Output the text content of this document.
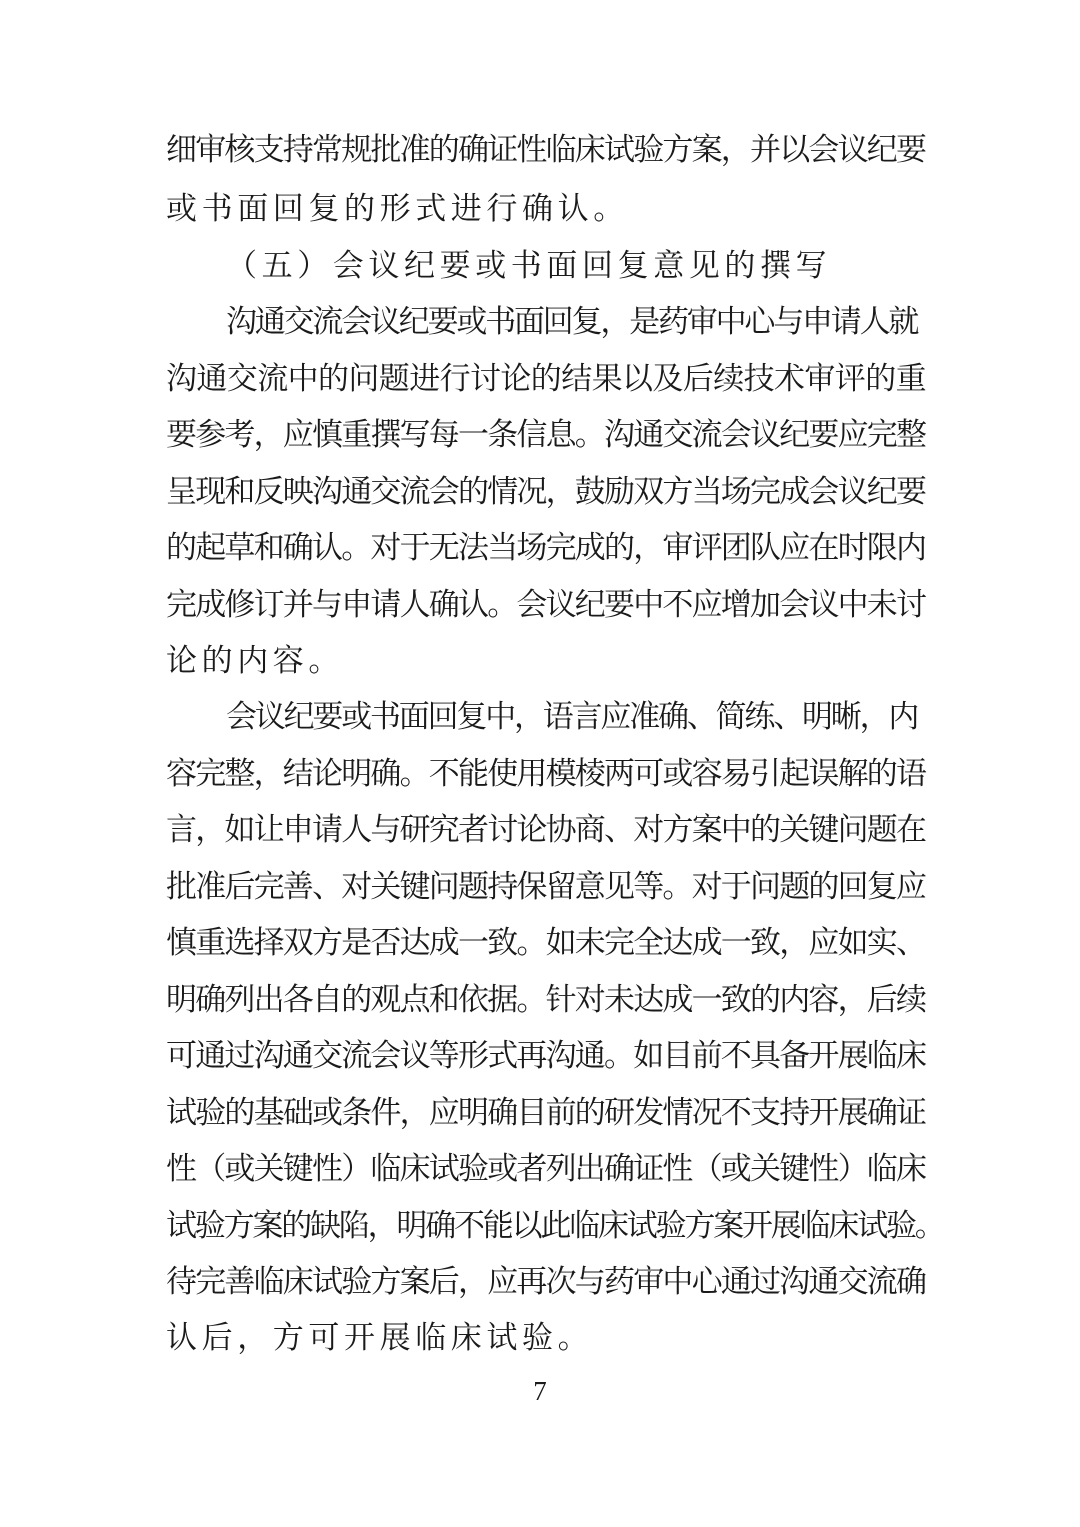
细审核支持常规批准的确证性临床试验方案，并以会议纪要
或书面回复的形式进行确认。
（五）会议纪要或书面回复意见的撰写
沟通交流会议纪要或书面回复，是药审中心与申请人就
沟通交流中的问题进行讨论的结果以及后续技术审评的重
要参考，应慎重撰写每一条信息。沟通交流会议纪要应完整
呈现和反映沟通交流会的情况，鼓励双方当场完成会议纪要
的起草和确认。对于无法当场完成的，审评团队应在时限内
完成修订并与申请人确认。会议纪要中不应增加会议中未讨
论的内容。
会议纪要或书面回复中，语言应准确、简练、明晰，内
容完整，结论明确。不能使用模棱两可或容易引起误解的语
言，如让申请人与研究者讨论协商、对方案中的关键问题在
批准后完善、对关键问题持保留意见等。对于问题的回复应
慎重选择双方是否达成一致。如未完全达成一致，应如实、
明确列出各自的观点和依据。针对未达成一致的内容，后续
可通过沟通交流会议等形式再沟通。如目前不具备开展临床
试验的基础或条件，应明确目前的研发情况不支持开展确证
性（或关键性）临床试验或者列出确证性（或关键性）临床
试验方案的缺陷，明确不能以此临床试验方案开展临床试验。
待完善临床试验方案后，应再次与药审中心通过沟通交流确
认后，方可开展临床试验。
7
